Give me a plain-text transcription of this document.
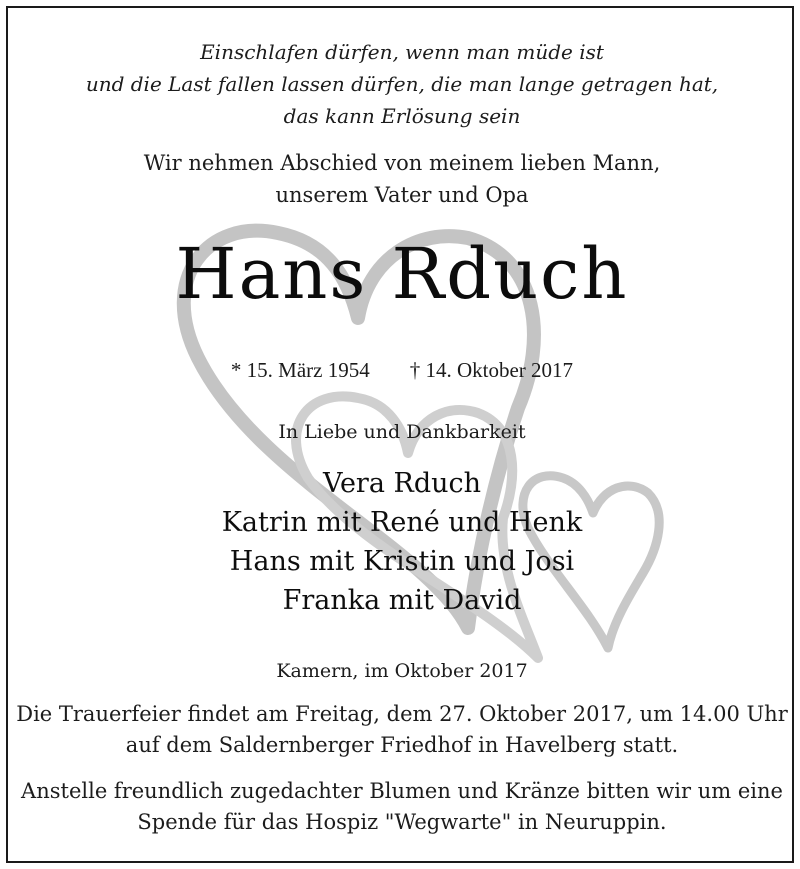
Einschlafen dürfen, wenn man müde ist
und die Last fallen lassen dürfen, die man lange getragen hat,
das kann Erlösung sein
Wir nehmen Abschied von meinem lieben Mann,
unserem Vater und Opa
Hans Rduch
* 15. März 1954 † 14. Oktober 2017
In Liebe und Dankbarkeit
Vera Rduch
Katrin mit René und Henk
Hans mit Kristin und Josi
Franka mit David
Kamern, im Oktober 2017
Die Trauerfeier findet am Freitag, dem 27. Oktober 2017, um 14.00 Uhr
auf dem Saldernberger Friedhof in Havelberg statt.
Anstelle freundlich zugedachter Blumen und Kränze bitten wir um eine
Spende für das Hospiz "Wegwarte" in Neuruppin.
